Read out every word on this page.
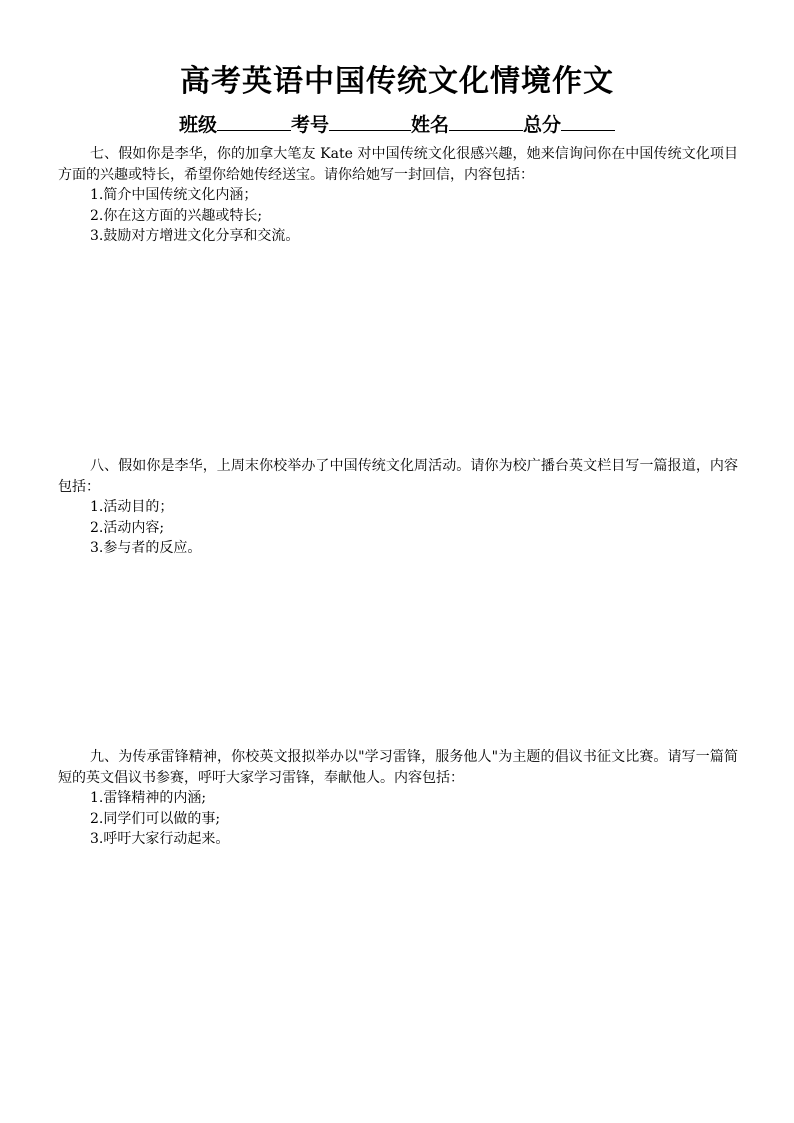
高考英语中国传统文化情境作文
班级	考号	姓名	总分

七、假如你是李华，你的加拿大笔友 Kate 对中国传统文化很感兴趣，她来信询问你在中国传统文化项目方面的兴趣或特长，希望你给她传经送宝。请你给她写一封回信，内容包括：

1.简介中国传统文化内涵；

2.你在这方面的兴趣或特长;

3.鼓励对方增进文化分享和交流。

八、假如你是李华，上周末你校举办了中国传统文化周活动。请你为校广播台英文栏目写一篇报道，内容包括：

1.活动目的；

2.活动内容;

3.参与者的反应。

九、为传承雷锋精神，你校英文报拟举办以"学习雷锋，服务他人"为主题的倡议书征文比赛。请写一篇简短的英文倡议书参赛，呼吁大家学习雷锋，奉献他人。内容包括：

1.雷锋精神的内涵;

2.同学们可以做的事;

3.呼吁大家行动起来。
